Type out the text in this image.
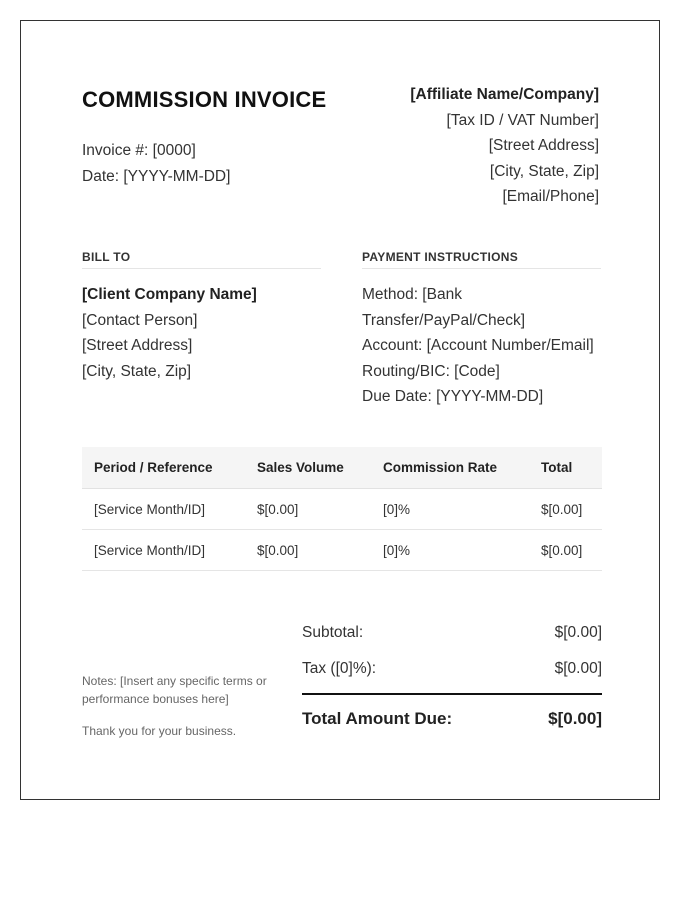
COMMISSION INVOICE
Invoice #: [0000]
Date: [YYYY-MM-DD]
[Affiliate Name/Company]
[Tax ID / VAT Number]
[Street Address]
[City, State, Zip]
[Email/Phone]
BILL TO
[Client Company Name]
[Contact Person]
[Street Address]
[City, State, Zip]
PAYMENT INSTRUCTIONS
Method: [Bank
Transfer/PayPal/Check]
Account: [Account Number/Email]
Routing/BIC: [Code]
Due Date: [YYYY-MM-DD]
Period / Reference	Sales Volume	Commission Rate	Total
[Service Month/ID]	$[0.00]	[0]%	$[0.00]
[Service Month/ID]	$[0.00]	[0]%	$[0.00]

Notes: [Insert any specific terms or performance bonuses here]

Thank you for your business.

Subtotal:	$[0.00]
Tax ([0]%):	$[0.00]
Total Amount Due:	$[0.00]
